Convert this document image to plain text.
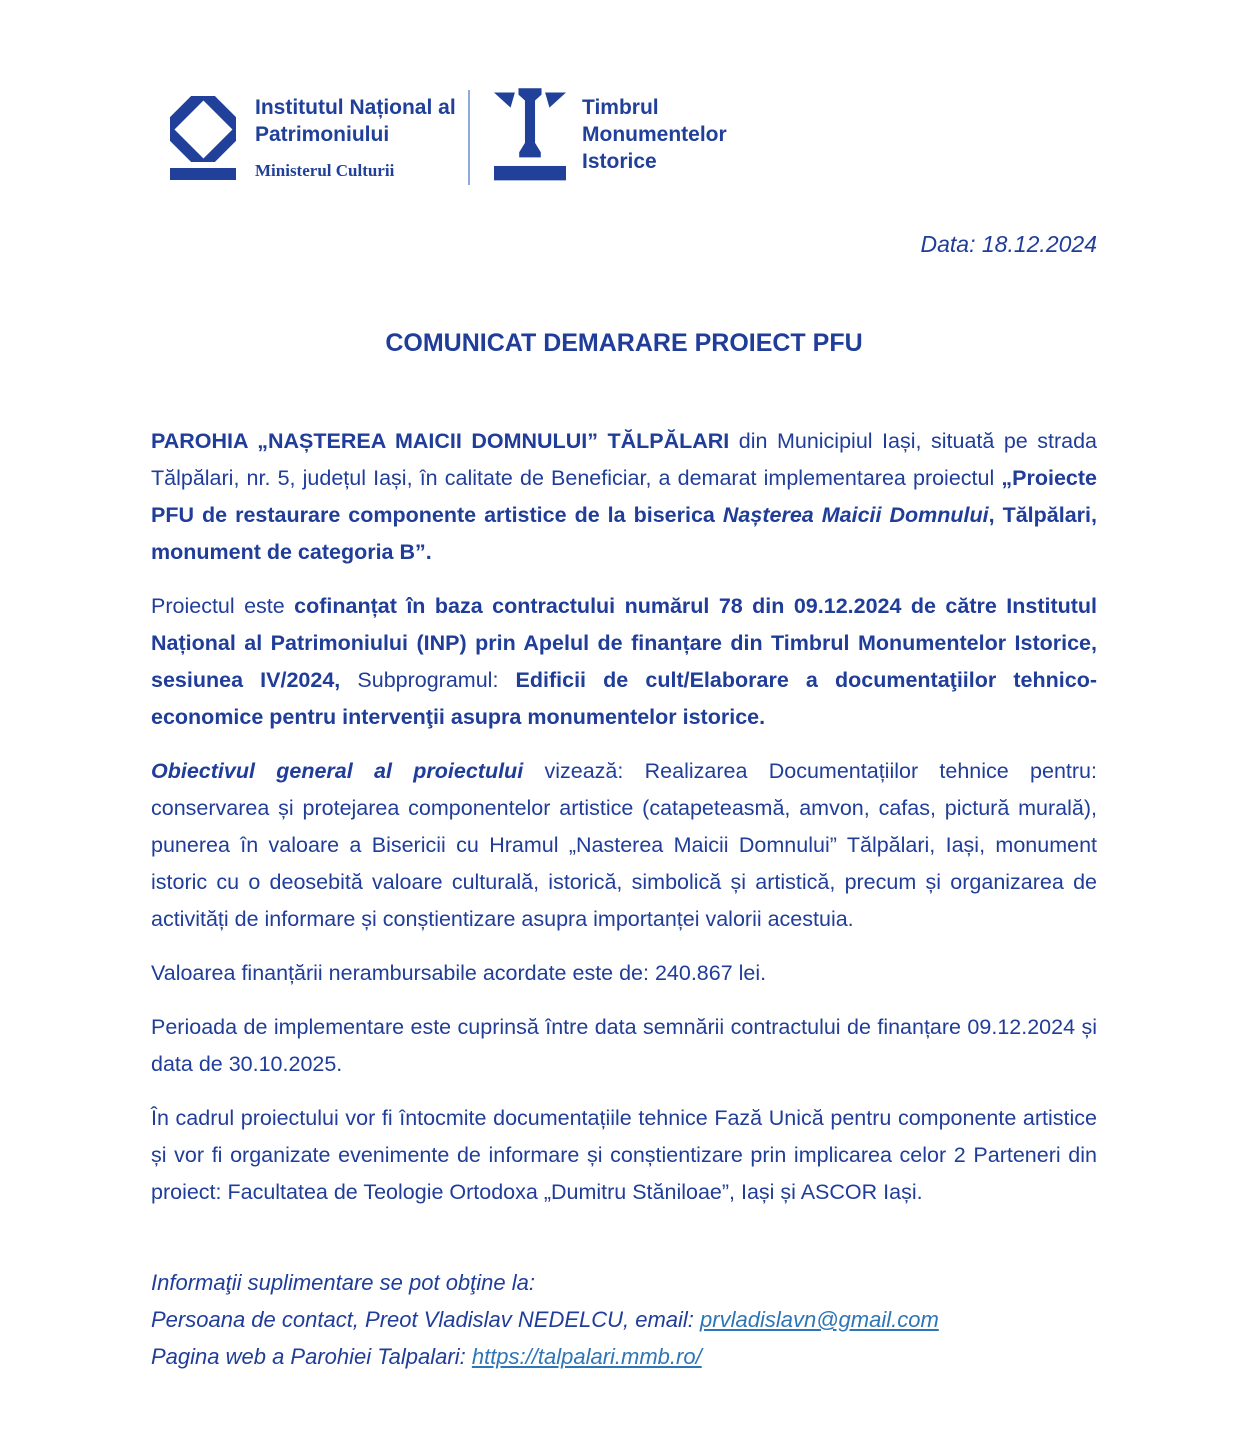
Institutul Național al
Patrimoniului
Ministerul Culturii
Timbrul
Monumentelor
Istorice
Data: 18.12.2024
COMUNICAT DEMARARE PROIECT PFU

PAROHIA „NAȘTEREA MAICII DOMNULUI” TĂLPĂLARI din Municipiul Iași, situată pe strada Tălpălari, nr. 5, județul Iași, în calitate de Beneficiar, a demarat implementarea proiectul „Proiecte PFU de restaurare componente artistice de la biserica Nașterea Maicii Domnului, Tălpălari, monument de categoria B”.

Proiectul este cofinanțat în baza contractului numărul 78 din 09.12.2024 de către Institutul Național al Patrimoniului (INP) prin Apelul de finanțare din Timbrul Monumentelor Istorice, sesiunea IV/2024, Subprogramul: Edificii de cult/Elaborare a documentaţiilor tehnico-economice pentru intervenţii asupra monumentelor istorice.

Obiectivul general al proiectului vizează: Realizarea Documentațiilor tehnice pentru: conservarea și protejarea componentelor artistice (catapeteasmă, amvon, cafas, pictură murală), punerea în valoare a Bisericii cu Hramul „Nasterea Maicii Domnului” Tălpălari, Iași, monument istoric cu o deosebită valoare culturală, istorică, simbolică și artistică, precum și organizarea de activități de informare și conștientizare asupra importanței valorii acestuia.

Valoarea finanțării nerambursabile acordate este de: 240.867 lei.

Perioada de implementare este cuprinsă între data semnării contractului de finanțare 09.12.2024 și data de 30.10.2025.

În cadrul proiectului vor fi întocmite documentațiile tehnice Fază Unică pentru componente artistice și vor fi organizate evenimente de informare și conștientizare prin implicarea celor 2 Parteneri din proiect: Facultatea de Teologie Ortodoxa „Dumitru Stăniloae”, Iași și ASCOR Iași.

Informaţii suplimentare se pot obţine la:
Persoana de contact, Preot Vladislav NEDELCU, email: prvladislavn@gmail.com
Pagina web a Parohiei Talpalari: https://talpalari.mmb.ro/
